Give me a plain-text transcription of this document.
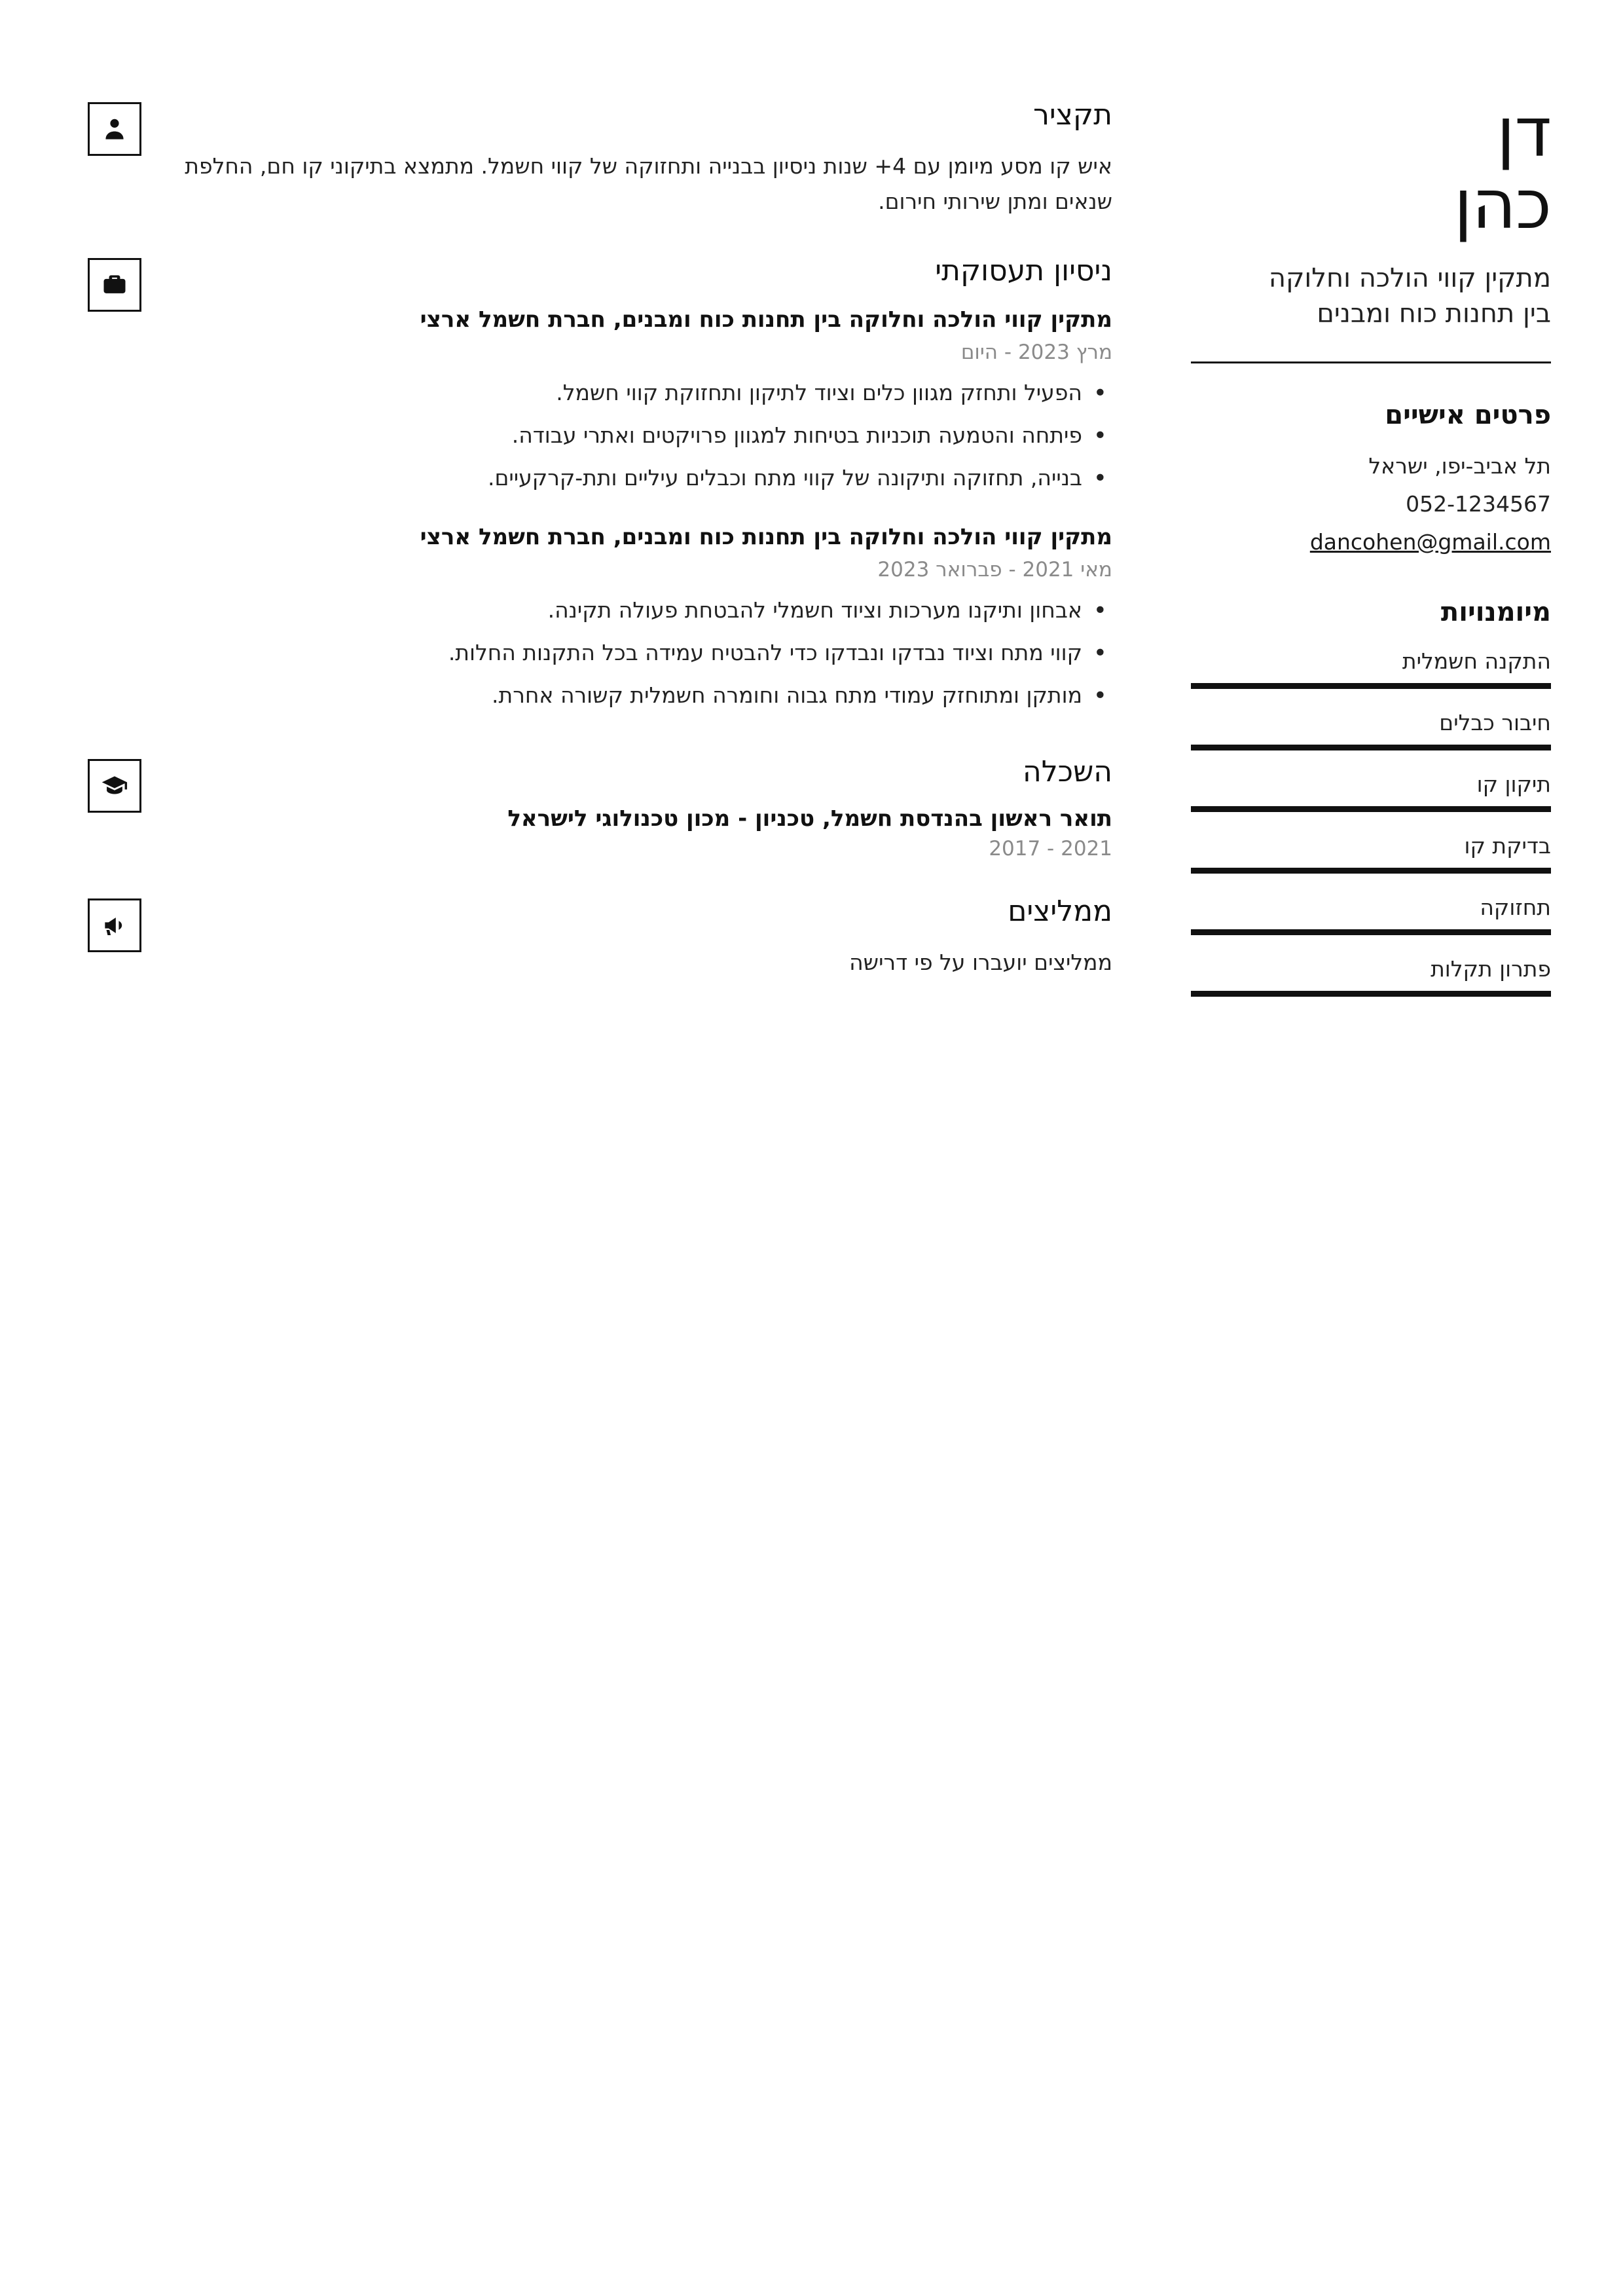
דן
כהן
מתקין קווי הולכה וחלוקה
בין תחנות כוח ומבנים
פרטים אישיים
תל אביב-יפו, ישראל
052-1234567
dancohen@gmail.com
מיומנויות
התקנה חשמלית
חיבור כבלים
תיקון קו
בדיקת קו
תחזוקה
פתרון תקלות
תקציר

איש קו מסע מיומן עם 4+ שנות ניסיון בבנייה ותחזוקה של קווי חשמל. מתמצא בתיקוני קו חם, החלפת שנאים ומתן שירותי חירום.

ניסיון תעסוקתי
מתקין קווי הולכה וחלוקה בין תחנות כוח ומבנים, חברת חשמל ארצי
מרץ 2023 - היום
• הפעיל ותחזק מגוון כלים וציוד לתיקון ותחזוקת קווי חשמל.
• פיתחה והטמעה תוכניות בטיחות למגוון פרויקטים ואתרי עבודה.
• בנייה, תחזוקה ותיקונה של קווי מתח וכבלים עיליים ותת-קרקעיים.
מתקין קווי הולכה וחלוקה בין תחנות כוח ומבנים, חברת חשמל ארצי
מאי 2021 - פברואר 2023
• אבחון ותיקנו מערכות וציוד חשמלי להבטחת פעולה תקינה.
• קווי מתח וציוד נבדקו ונבדקו כדי להבטיח עמידה בכל התקנות החלות.
• מותקן ומתוחזק עמודי מתח גבוה וחומרה חשמלית קשורה אחרת.
השכלה
תואר ראשון בהנדסת חשמל, טכניון - מכון טכנולוגי לישראל
2017 - 2021
ממליצים

ממליצים יועברו על פי דרישה
